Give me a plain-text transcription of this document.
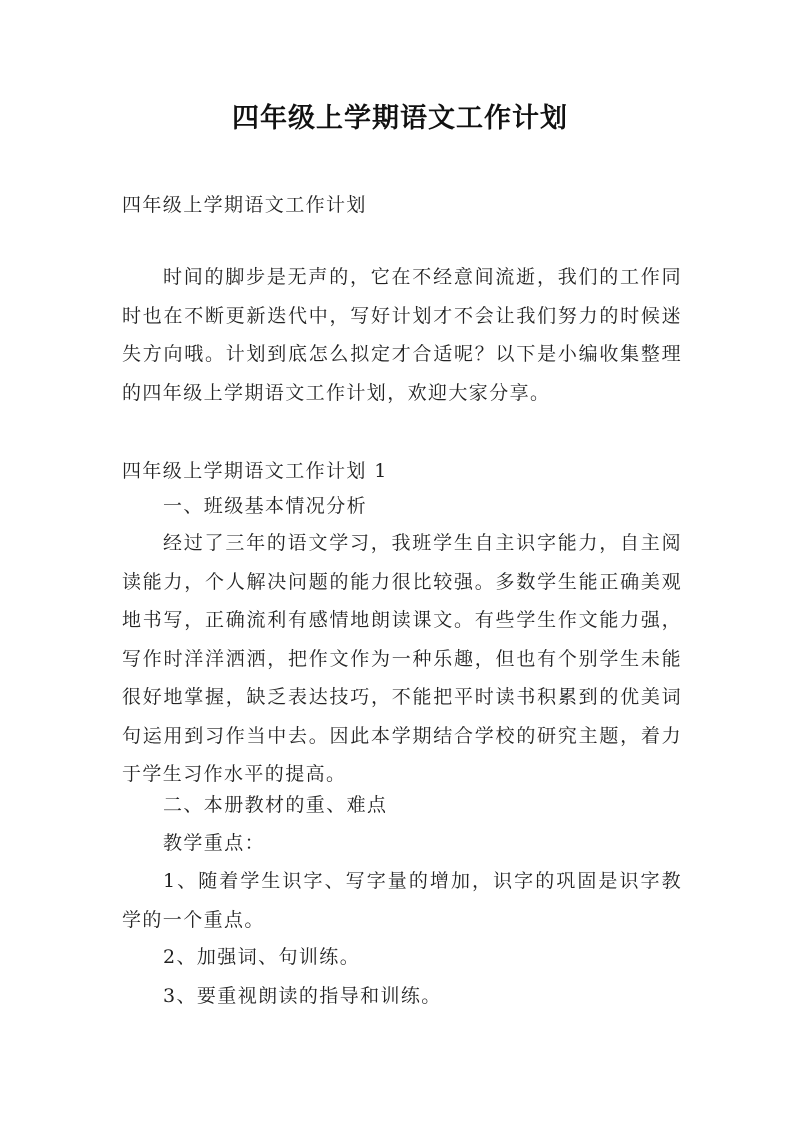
四年级上学期语文工作计划

四年级上学期语文工作计划

时间的脚步是无声的，它在不经意间流逝，我们的工作同时也在不断更新迭代中，写好计划才不会让我们努力的时候迷失方向哦。计划到底怎么拟定才合适呢？以下是小编收集整理的四年级上学期语文工作计划，欢迎大家分享。

四年级上学期语文工作计划 1

一、班级基本情况分析

经过了三年的语文学习，我班学生自主识字能力，自主阅读能力，个人解决问题的能力很比较强。多数学生能正确美观地书写，正确流利有感情地朗读课文。有些学生作文能力强，写作时洋洋洒洒，把作文作为一种乐趣，但也有个别学生未能很好地掌握，缺乏表达技巧，不能把平时读书积累到的优美词句运用到习作当中去。因此本学期结合学校的研究主题，着力于学生习作水平的提高。

二、本册教材的重、难点

教学重点：

1、随着学生识字、写字量的增加，识字的巩固是识字教学的一个重点。

2、加强词、句训练。

3、要重视朗读的指导和训练。
